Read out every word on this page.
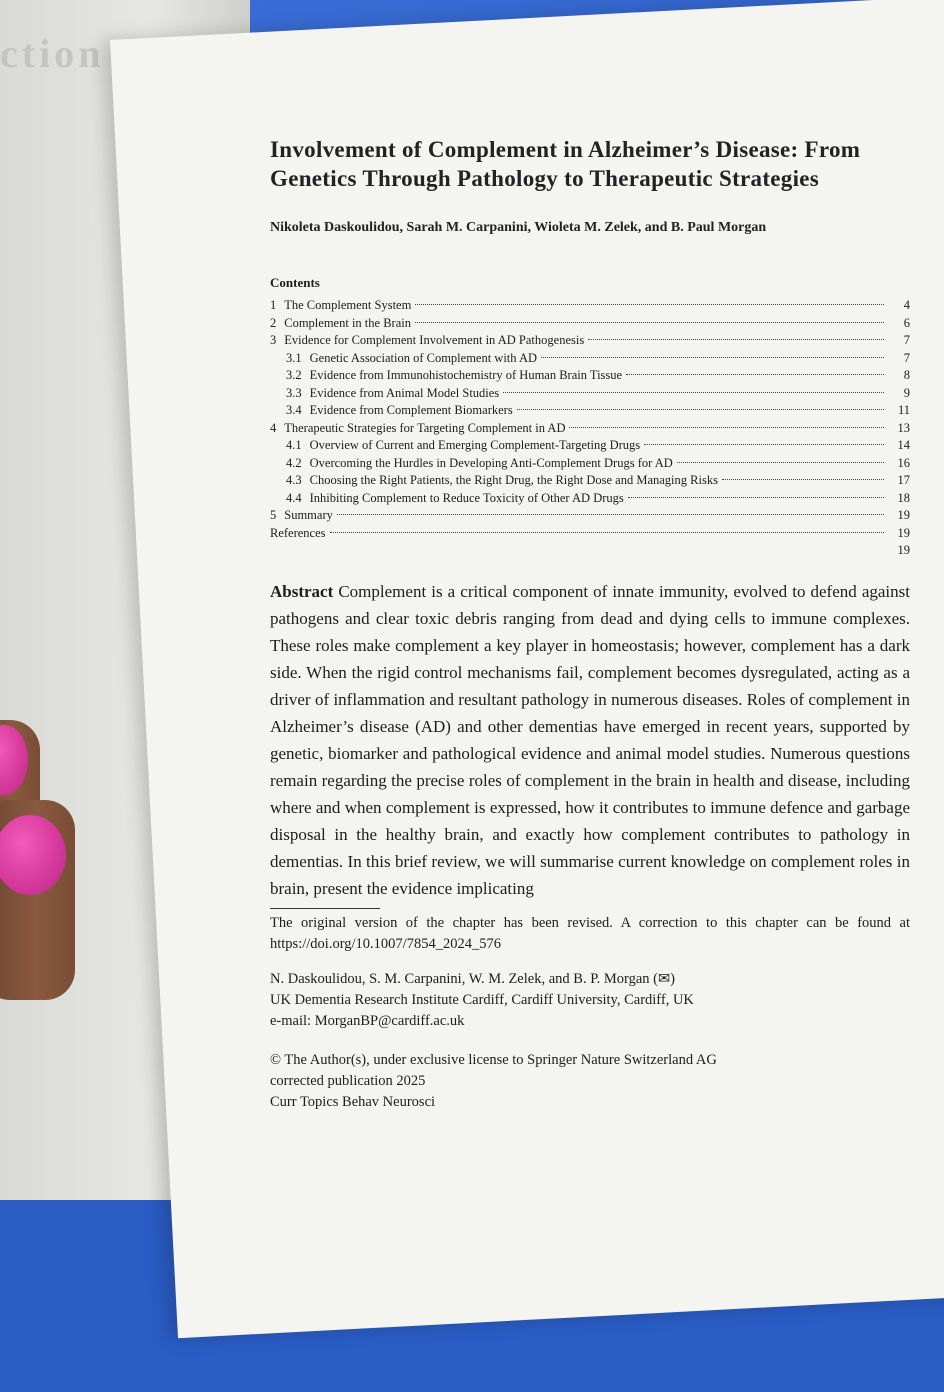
ction
Involvement of Complement in Alzheimer’s Disease: From Genetics Through Pathology to Therapeutic Strategies
Nikoleta Daskoulidou, Sarah M. Carpanini, Wioleta M. Zelek, and B. Paul Morgan
Contents
1 The Complement System	4
2 Complement in the Brain	6
3 Evidence for Complement Involvement in AD Pathogenesis	7
3.1 Genetic Association of Complement with AD	7
3.2 Evidence from Immunohistochemistry of Human Brain Tissue	8
3.3 Evidence from Animal Model Studies	9
3.4 Evidence from Complement Biomarkers	11
4 Therapeutic Strategies for Targeting Complement in AD	13
4.1 Overview of Current and Emerging Complement-Targeting Drugs	14
4.2 Overcoming the Hurdles in Developing Anti-Complement Drugs for AD	16
4.3 Choosing the Right Patients, the Right Drug, the Right Dose and Managing Risks	17
4.4 Inhibiting Complement to Reduce Toxicity of Other AD Drugs	18
5 Summary	19
References	19
19
Abstract Complement is a critical component of innate immunity, evolved to defend against pathogens and clear toxic debris ranging from dead and dying cells to immune complexes. These roles make complement a key player in homeostasis; however, complement has a dark side. When the rigid control mechanisms fail, complement becomes dysregulated, acting as a driver of inflammation and resultant pathology in numerous diseases. Roles of complement in Alzheimer’s disease (AD) and other dementias have emerged in recent years, supported by genetic, biomarker and pathological evidence and animal model studies. Numerous questions remain regarding the precise roles of complement in the brain in health and disease, including where and when complement is expressed, how it contributes to immune defence and garbage disposal in the healthy brain, and exactly how complement contributes to pathology in dementias. In this brief review, we will summarise current knowledge on complement roles in brain, present the evidence implicating
The original version of the chapter has been revised. A correction to this chapter can be found at https://doi.org/10.1007/7854_2024_576
N. Daskoulidou, S. M. Carpanini, W. M. Zelek, and B. P. Morgan (✉)
UK Dementia Research Institute Cardiff, Cardiff University, Cardiff, UK
e-mail: MorganBP@cardiff.ac.uk
© The Author(s), under exclusive license to Springer Nature Switzerland AG
corrected publication 2025
Curr Topics Behav Neurosci
